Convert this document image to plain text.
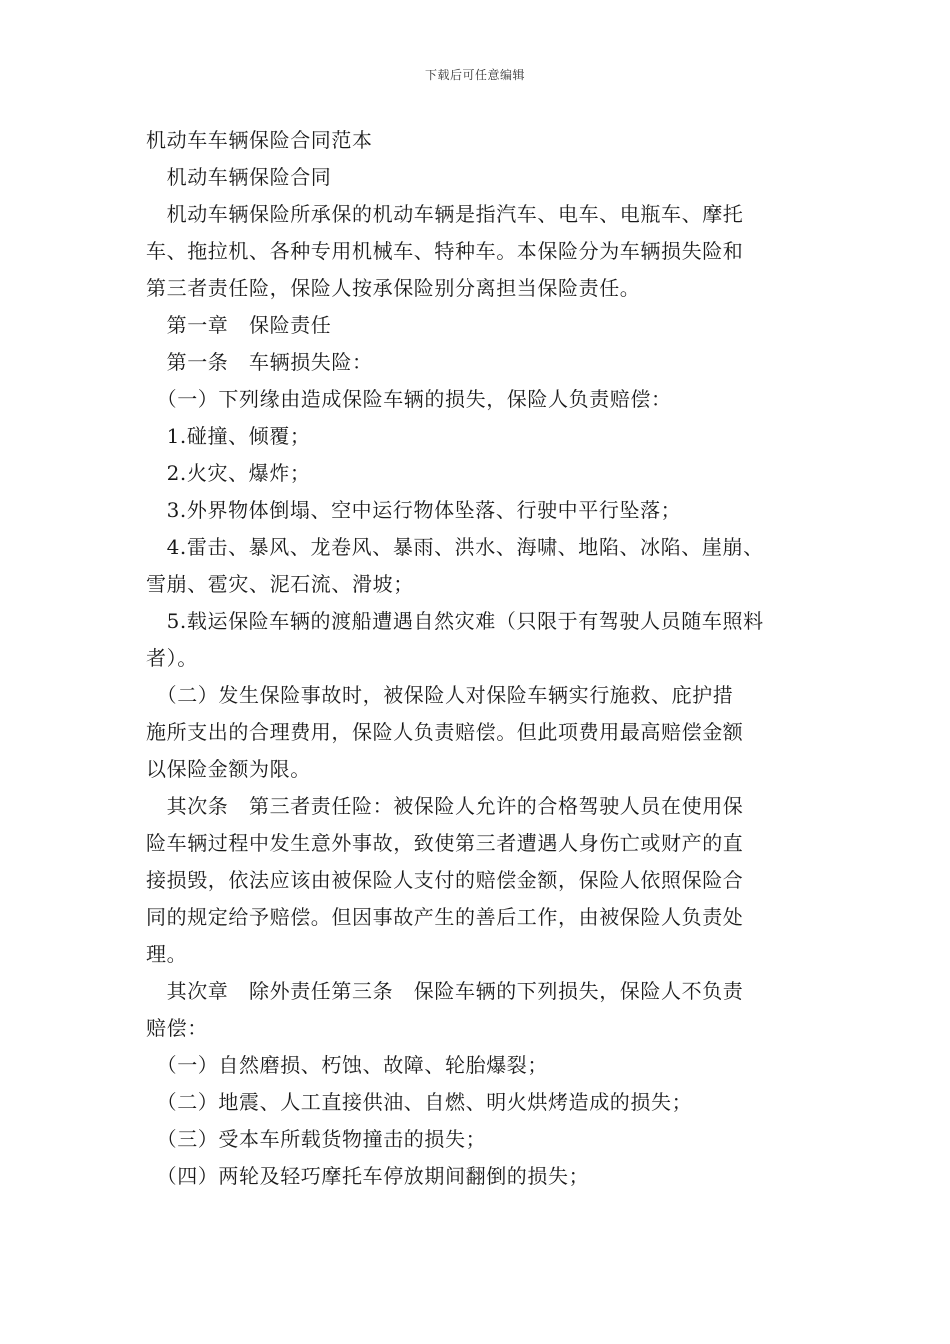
下载后可任意编辑
机动车车辆保险合同范本
　机动车辆保险合同
　机动车辆保险所承保的机动车辆是指汽车、电车、电瓶车、摩托
车、拖拉机、各种专用机械车、特种车。本保险分为车辆损失险和
第三者责任险，保险人按承保险别分离担当保险责任。
　第一章　保险责任
　第一条　车辆损失险：
　（一）下列缘由造成保险车辆的损失，保险人负责赔偿：
　1.碰撞、倾覆；
　2.火灾、爆炸；
　3.外界物体倒塌、空中运行物体坠落、行驶中平行坠落；
　4.雷击、暴风、龙卷风、暴雨、洪水、海啸、地陷、冰陷、崖崩、
雪崩、雹灾、泥石流、滑坡；
　5.载运保险车辆的渡船遭遇自然灾难（只限于有驾驶人员随车照料
者）。
　（二）发生保险事故时，被保险人对保险车辆实行施救、庇护措
施所支出的合理费用，保险人负责赔偿。但此项费用最高赔偿金额
以保险金额为限。
　其次条　第三者责任险：被保险人允许的合格驾驶人员在使用保
险车辆过程中发生意外事故，致使第三者遭遇人身伤亡或财产的直
接损毁，依法应该由被保险人支付的赔偿金额，保险人依照保险合
同的规定给予赔偿。但因事故产生的善后工作，由被保险人负责处
理。
　其次章　除外责任第三条　保险车辆的下列损失，保险人不负责
赔偿：
　（一）自然磨损、朽蚀、故障、轮胎爆裂；
　（二）地震、人工直接供油、自燃、明火烘烤造成的损失；
　（三）受本车所载货物撞击的损失；
　（四）两轮及轻巧摩托车停放期间翻倒的损失；
